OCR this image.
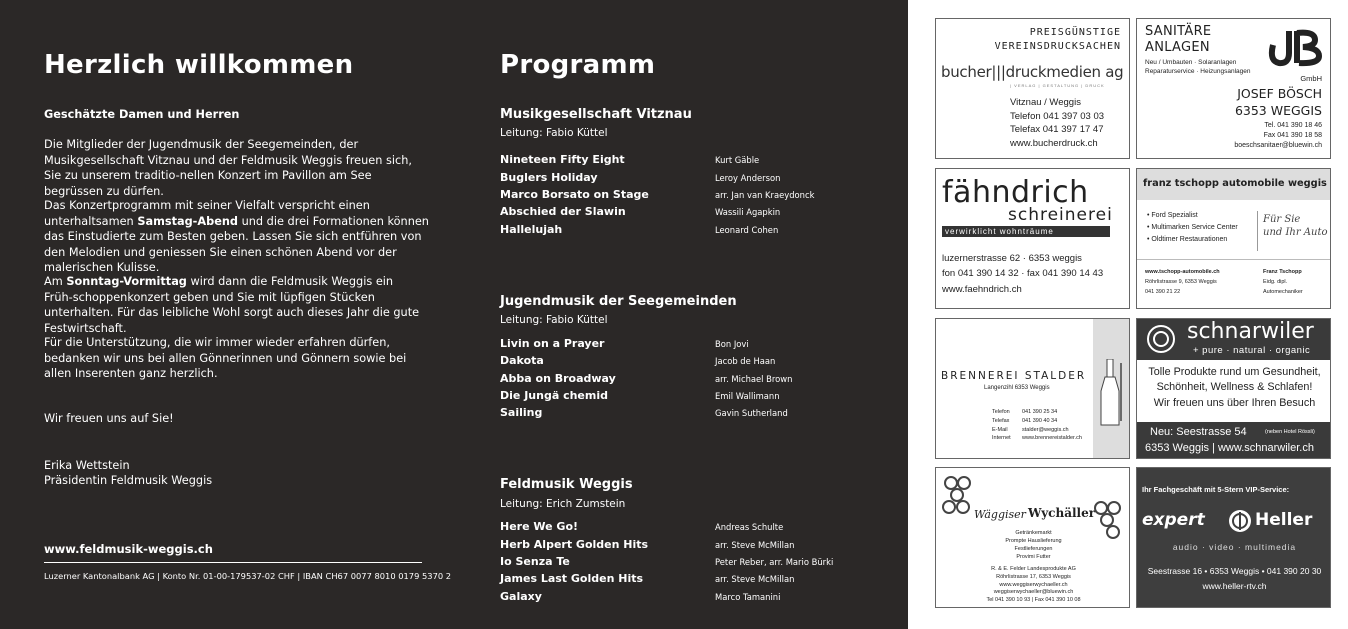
Herzlich willkommen
Geschätzte Damen und Herren
Die Mitglieder der Jugendmusik der Seegemeinden, der Musikgesellschaft Vitznau und der Feldmusik Weggis freuen sich, Sie zu unserem traditio-nellen Konzert im Pavillon am See begrüssen zu dürfen.
Das Konzertprogramm mit seiner Vielfalt verspricht einen unterhaltsamen Samstag-Abend und die drei Formationen können das Einstudierte zum Besten geben. Lassen Sie sich entführen von den Melodien und geniessen Sie einen schönen Abend vor der malerischen Kulisse.
Am Sonntag-Vormittag wird dann die Feldmusik Weggis ein Früh-schoppenkonzert geben und Sie mit lüpfigen Stücken unterhalten. Für das leibliche Wohl sorgt auch dieses Jahr die gute Festwirtschaft.
Für die Unterstützung, die wir immer wieder erfahren dürfen, bedanken wir uns bei allen Gönnerinnen und Gönnern sowie bei allen Inserenten ganz herzlich.
Wir freuen uns auf Sie!
Erika Wettstein
Präsidentin Feldmusik Weggis
www.feldmusik-weggis.ch
Luzerner Kantonalbank AG | Konto Nr. 01-00-179537-02 CHF | IBAN CH67 0077 8010 0179 5370 2
Programm
Musikgesellschaft Vitznau
Leitung: Fabio Küttel
Nineteen Fifty Eight	Kurt Gäble
Buglers Holiday	Leroy Anderson
Marco Borsato on Stage	arr. Jan van Kraeydonck
Abschied der Slawin	Wassili Agapkin
Hallelujah	Leonard Cohen
Jugendmusik der Seegemeinden
Leitung: Fabio Küttel
Livin on a Prayer	Bon Jovi
Dakota	Jacob de Haan
Abba on Broadway	arr. Michael Brown
Die Jungä chemid	Emil Wallimann
Sailing	Gavin Sutherland
Feldmusik Weggis
Leitung: Erich Zumstein
Here We Go!	Andreas Schulte
Herb Alpert Golden Hits	arr. Steve McMillan
Io Senza Te	Peter Reber, arr. Mario Bürki
James Last Golden Hits	arr. Steve McMillan
Galaxy	Marco Tamanini
PREISGÜNSTIGE
VEREINSDRUCKSACHEN
bucher|||druckmedien ag
| VERLAG | GESTALTUNG | DRUCK
Vitznau / Weggis
Telefon 041 397 03 03
Telefax 041 397 17 47
www.bucherdruck.ch
SANITÄRE
ANLAGEN
Neu / Umbauten · Solaranlagen
Reparaturservice · Heizungsanlagen
GmbH
JOSEF BÖSCH
6353 WEGGIS
Tel. 041 390 18 46
Fax 041 390 18 58
boeschsanitaer@bluewin.ch
fähndrich
schreinerei
verwirklicht wohnträume
luzernerstrasse 62 · 6353 weggis
fon 041 390 14 32 · fax 041 390 14 43
www.faehndrich.ch
franz tschopp automobile weggis
• Ford Spezialist
• Multimarken Service Center
• Oldtimer Restaurationen
Für Sie
und Ihr Auto
www.tschopp-automobile.ch
Röhrlistrasse 9, 6353 Weggis
041 390 21 22
Franz Tschopp
Eidg. dipl.
Automechaniker
BRENNEREI STALDER
Langenzihl 6353 Weggis
Telefon 041 390 25 34
Telefax 041 390 40 34
E-Mail	stalder@weggis.ch
Internet www.brennereistalder.ch
schnarwiler
+ pure · natural · organic
Tolle Produkte rund um Gesundheit,
Schönheit, Wellness & Schlafen!
Wir freuen uns über Ihren Besuch
Neu: Seestrasse 54	(neben Hotel Rössli)
6353 Weggis | www.schnarwiler.ch
Wäggiser Wychäller
Getränkemarkt
Prompte Hauslieferung
Festlieferungen
Provimi Futter
R. & E. Felder Landesprodukte AG
Röhrlistrasse 17, 6353 Weggis
www.weggiserwychaeller.ch
weggiserwychaeller@bluewin.ch
Tel 041 390 10 93 | Fax 041 390 10 08
Ihr Fachgeschäft mit 5-Stern VIP-Service:
expert	Heller
audio · video · multimedia
Seestrasse 16 • 6353 Weggis • 041 390 20 30
www.heller-rtv.ch
